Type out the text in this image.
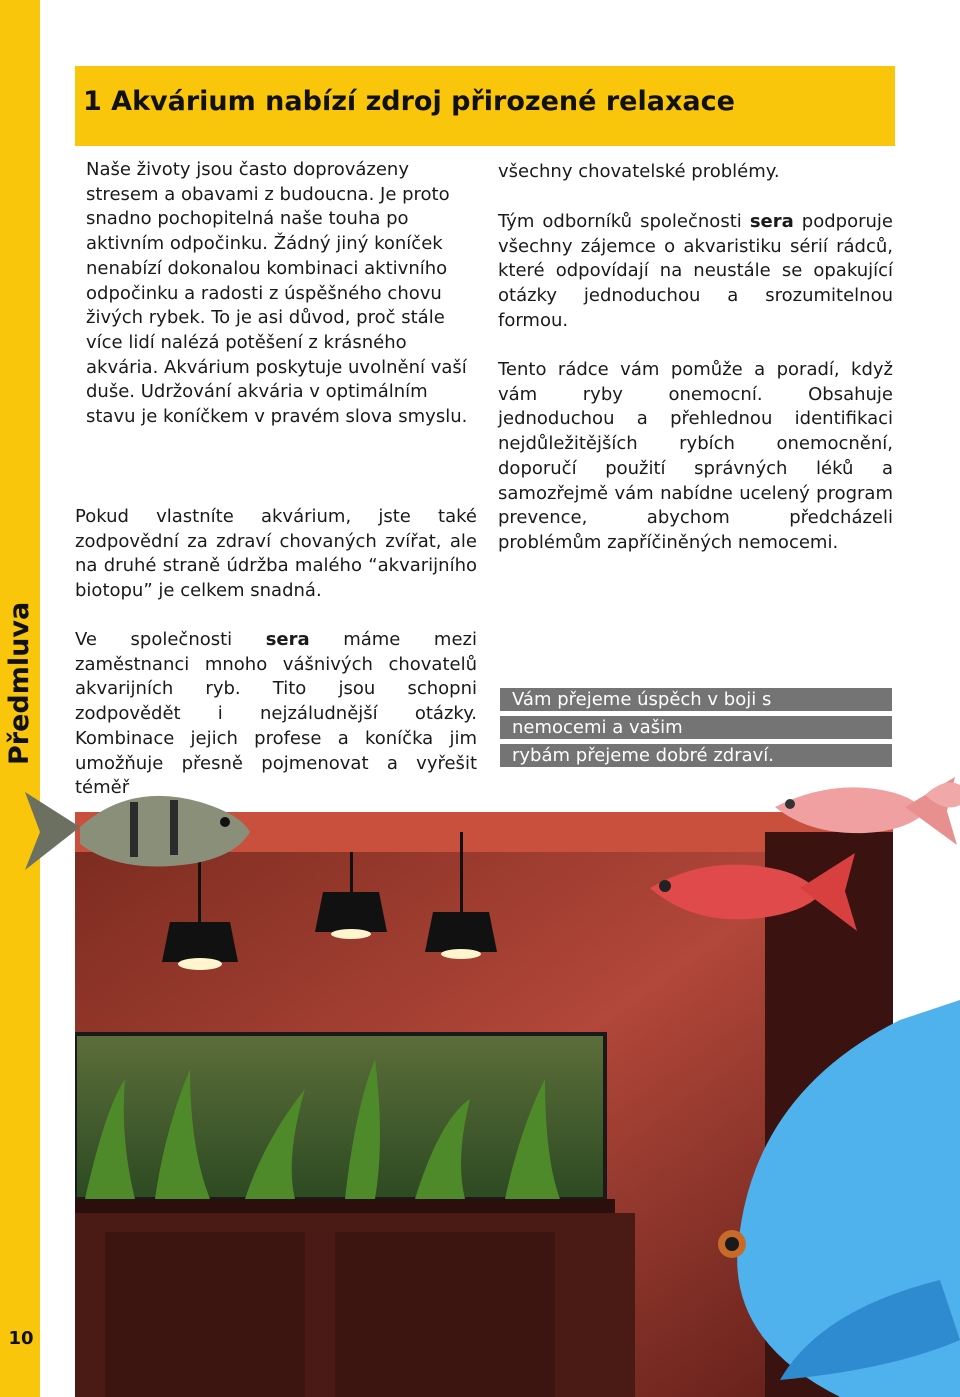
Předmluva
10
1 Akvárium nabízí zdroj přirozené relaxace
Naše životy jsou často doprovázeny stresem a obavami z budoucna. Je proto snadno pochopitelná naše touha po aktivním odpočinku. Žádný jiný koníček nenabízí dokonalou kombinaci aktivního odpočinku a radosti z úspěšného chovu živých rybek. To je asi důvod, proč stále více lidí nalézá potěšení z krásného akvária. Akvárium poskytuje uvolnění vaší duše. Udržování akvária v optimálním stavu je koníčkem v pravém slova smyslu.
Pokud vlastníte akvárium, jste také zodpovědní za zdraví chovaných zvířat, ale na druhé straně údržba malého “akvarijního biotopu” je celkem snadná.
Ve společnosti sera máme mezi zaměstnanci mnoho vášnivých chovatelů akvarijních ryb. Tito jsou schopni zodpovědět i nejzáludnější otázky. Kombinace jejich profese a koníčka jim umožňuje přesně pojmenovat a vyřešit téměř
všechny chovatelské problémy.
Tým odborníků společnosti sera podporuje všechny zájemce o akvaristiku sérií rádců, které odpovídají na neustále se opakující otázky jednoduchou a srozumitelnou formou.
Tento rádce vám pomůže a poradí, když vám ryby onemocní. Obsahuje jednoduchou a přehlednou identifikaci nejdůležitějších rybích onemocnění, doporučí použití správných léků a samozřejmě vám nabídne ucelený program prevence, abychom předcházeli problémům zapříčiněných nemocemi.
Vám přejeme úspěch v boji s
nemocemi a vašim
rybám přejeme dobré zdraví.
